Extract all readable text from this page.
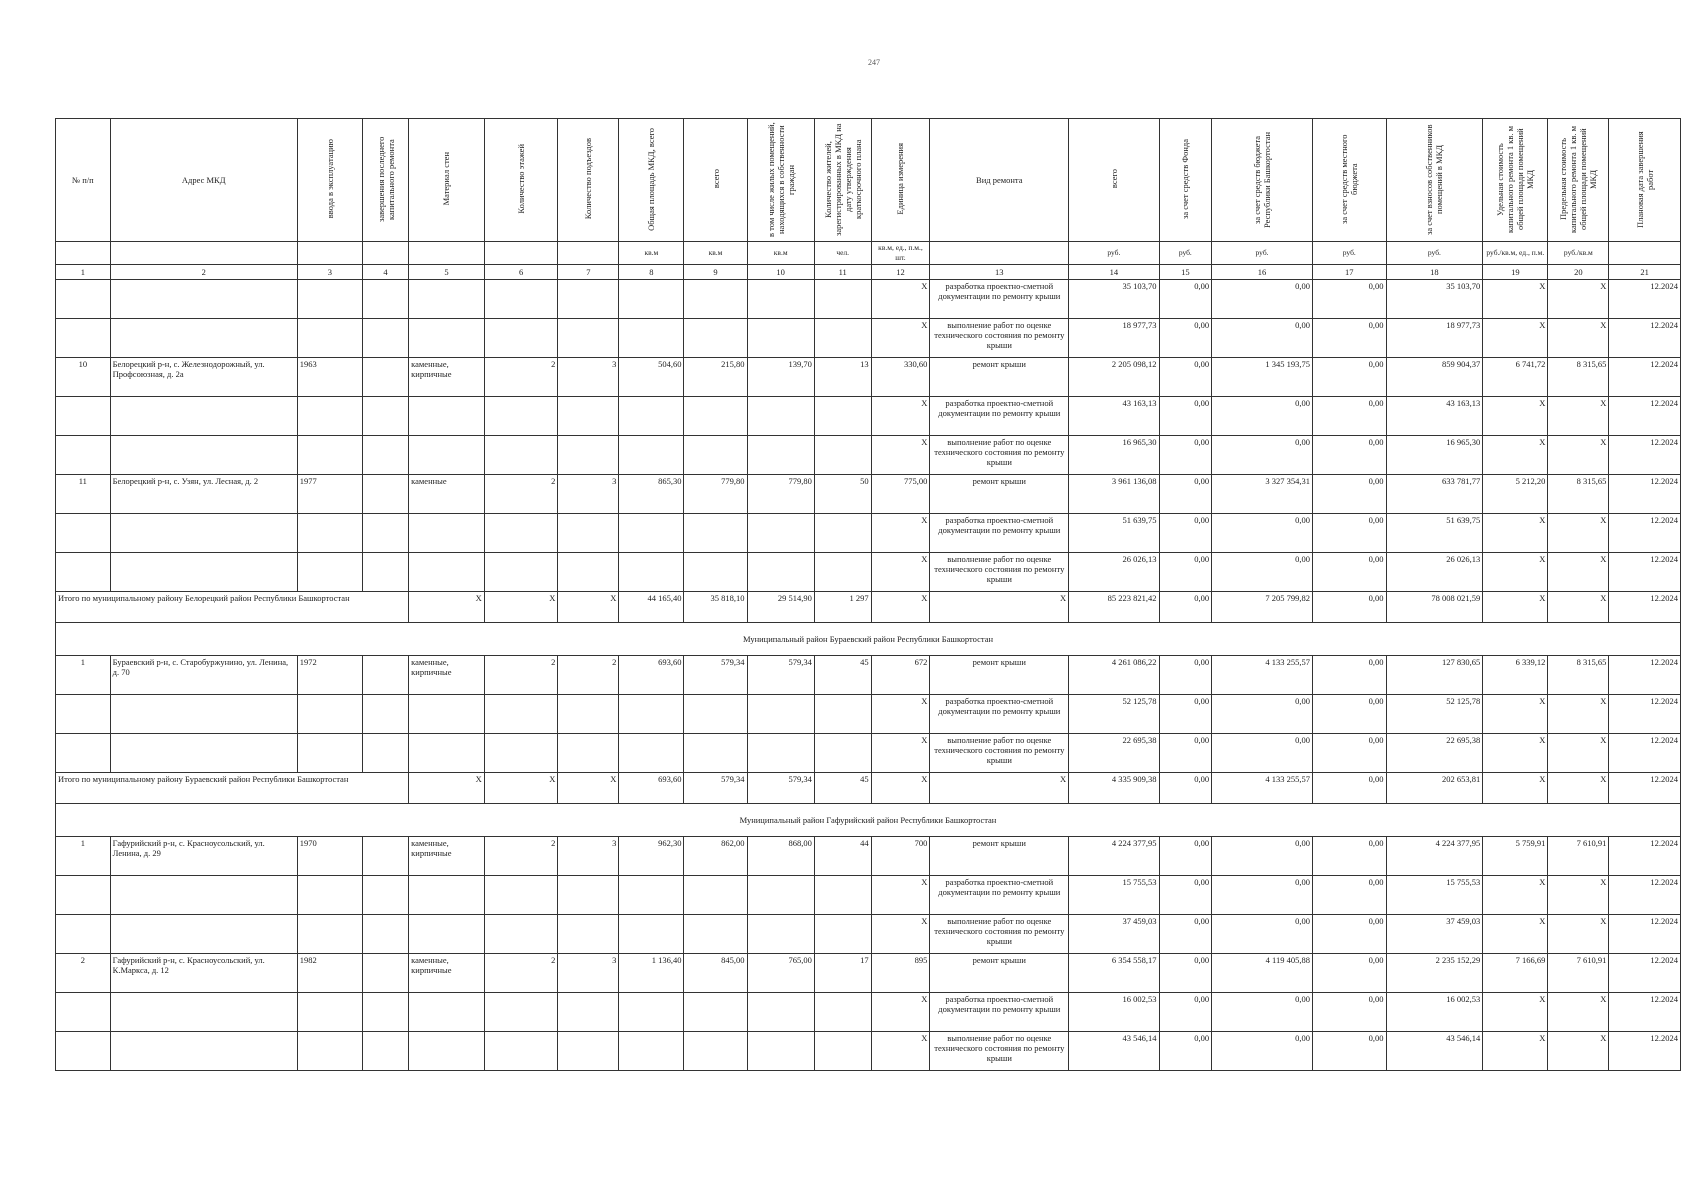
247
№ п/п	Адрес МКД	ввода в эксплуатацию	завершения последнего капитального ремонта	Материал стен	Количество этажей	Количество подъездов	Общая площадь МКД, всего	всего	в том числе жилых помещений, находящихся в собственности граждан	Количество жителей, зарегистрированных в МКД на дату утверждения краткосрочного плана	Единица измерения	Вид ремонта	всего	за счет средств Фонда	за счет средств бюджета Республики Башкортостан	за счет средств местного бюджета	за счет взносов собственников помещений в МКД	Удельная стоимость капитального ремонта 1 кв. м общей площади помещений МКД	Предельная стоимость капитального ремонта 1 кв. м общей площади помещений МКД	Плановая дата завершения работ
							кв.м	кв.м	кв.м	чел.	кв.м, ед., п.м., шт.		руб.	руб.	руб.	руб.	руб.	руб./кв.м, ед., п.м.	руб./кв.м	
1	2	3	4	5	6	7	8	9	10	11	12	13	14	15	16	17	18	19	20	21
											X	разработка проектно-сметной документации по ремонту крыши	35 103,70	0,00	0,00	0,00	35 103,70	X	X	12.2024
											X	выполнение работ по оценке технического состояния по ремонту крыши	18 977,73	0,00	0,00	0,00	18 977,73	X	X	12.2024
10	Белорецкий р-н, с. Железнодорожный, ул. Профсоюзная, д. 2а	1963		каменные, кирпичные	2	3	504,60	215,80	139,70	13	330,60	ремонт крыши	2 205 098,12	0,00	1 345 193,75	0,00	859 904,37	6 741,72	8 315,65	12.2024
											X	разработка проектно-сметной документации по ремонту крыши	43 163,13	0,00	0,00	0,00	43 163,13	X	X	12.2024
											X	выполнение работ по оценке технического состояния по ремонту крыши	16 965,30	0,00	0,00	0,00	16 965,30	X	X	12.2024
11	Белорецкий р-н, с. Узян, ул. Лесная, д. 2	1977		каменные	2	3	865,30	779,80	779,80	50	775,00	ремонт крыши	3 961 136,08	0,00	3 327 354,31	0,00	633 781,77	5 212,20	8 315,65	12.2024
											X	разработка проектно-сметной документации по ремонту крыши	51 639,75	0,00	0,00	0,00	51 639,75	X	X	12.2024
											X	выполнение работ по оценке технического состояния по ремонту крыши	26 026,13	0,00	0,00	0,00	26 026,13	X	X	12.2024
Итого по муниципальному району Белорецкий район Республики Башкортостан				X	X	X	44 165,40	35 818,10	29 514,90	1 297	X	X	85 223 821,42	0,00	7 205 799,82	0,00	78 008 021,59	X	X	12.2024
Муниципальный район Бураевский район Республики Башкортостан																				
1	Бураевский р-н, с. Старобуржунино, ул. Ленина, д. 70	1972		каменные, кирпичные	2	2	693,60	579,34	579,34	45	672	ремонт крыши	4 261 086,22	0,00	4 133 255,57	0,00	127 830,65	6 339,12	8 315,65	12.2024
											X	разработка проектно-сметной документации по ремонту крыши	52 125,78	0,00	0,00	0,00	52 125,78	X	X	12.2024
											X	выполнение работ по оценке технического состояния по ремонту крыши	22 695,38	0,00	0,00	0,00	22 695,38	X	X	12.2024
Итого по муниципальному району Бураевский район Республики Башкортостан				X	X	X	693,60	579,34	579,34	45	X	X	4 335 909,38	0,00	4 133 255,57	0,00	202 653,81	X	X	12.2024
Муниципальный район Гафурийский район Республики Башкортостан																				
1	Гафурийский р-н, с. Красноусольский, ул. Ленина, д. 29	1970		каменные, кирпичные	2	3	962,30	862,00	868,00	44	700	ремонт крыши	4 224 377,95	0,00	0,00	0,00	4 224 377,95	5 759,91	7 610,91	12.2024
											X	разработка проектно-сметной документации по ремонту крыши	15 755,53	0,00	0,00	0,00	15 755,53	X	X	12.2024
											X	выполнение работ по оценке технического состояния по ремонту крыши	37 459,03	0,00	0,00	0,00	37 459,03	X	X	12.2024
2	Гафурийский р-н, с. Красноусольский, ул. К.Маркса, д. 12	1982		каменные, кирпичные	2	3	1 136,40	845,00	765,00	17	895	ремонт крыши	6 354 558,17	0,00	4 119 405,88	0,00	2 235 152,29	7 166,69	7 610,91	12.2024
											X	разработка проектно-сметной документации по ремонту крыши	16 002,53	0,00	0,00	0,00	16 002,53	X	X	12.2024
											X	выполнение работ по оценке технического состояния по ремонту крыши	43 546,14	0,00	0,00	0,00	43 546,14	X	X	12.2024
